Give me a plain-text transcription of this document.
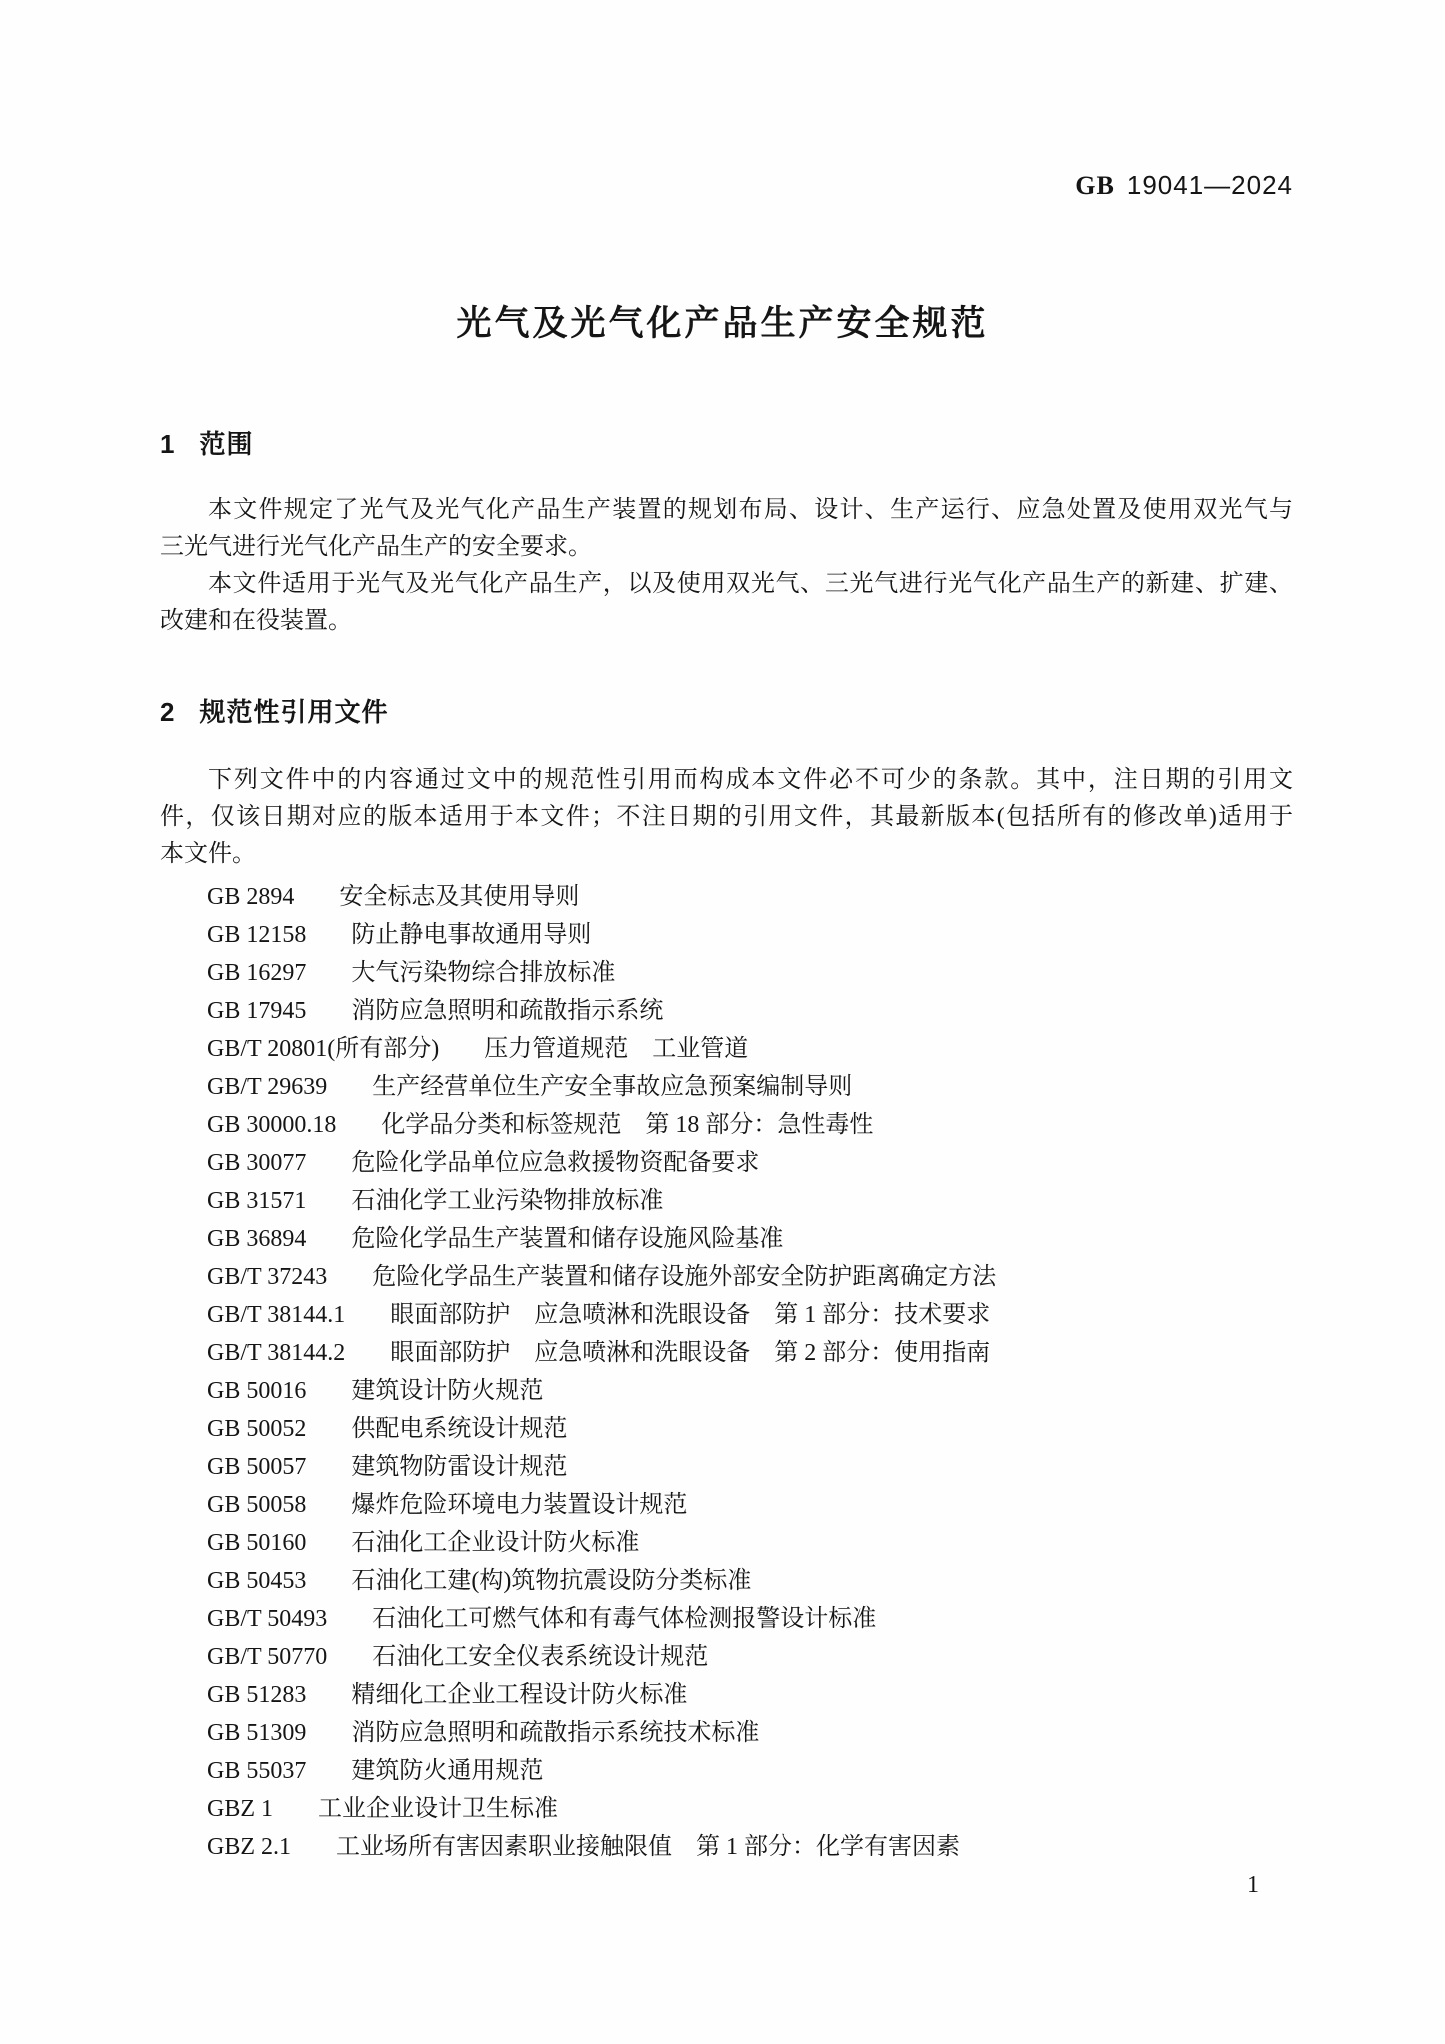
GB 19041—2024
光气及光气化产品生产安全规范
1 范围
本文件规定了光气及光气化产品生产装置的规划布局、设计、生产运行、应急处置及使用双光气与
三光气进行光气化产品生产的安全要求。
本文件适用于光气及光气化产品生产，以及使用双光气、三光气进行光气化产品生产的新建、扩建、
改建和在役装置。
2 规范性引用文件
下列文件中的内容通过文中的规范性引用而构成本文件必不可少的条款。其中，注日期的引用文
件，仅该日期对应的版本适用于本文件；不注日期的引用文件，其最新版本(包括所有的修改单)适用于
本文件。
GB 2894 安全标志及其使用导则
GB 12158 防止静电事故通用导则
GB 16297 大气污染物综合排放标准
GB 17945 消防应急照明和疏散指示系统
GB/T 20801(所有部分) 压力管道规范　工业管道
GB/T 29639 生产经营单位生产安全事故应急预案编制导则
GB 30000.18 化学品分类和标签规范　第 18 部分：急性毒性
GB 30077 危险化学品单位应急救援物资配备要求
GB 31571 石油化学工业污染物排放标准
GB 36894 危险化学品生产装置和储存设施风险基准
GB/T 37243 危险化学品生产装置和储存设施外部安全防护距离确定方法
GB/T 38144.1 眼面部防护　应急喷淋和洗眼设备　第 1 部分：技术要求
GB/T 38144.2 眼面部防护　应急喷淋和洗眼设备　第 2 部分：使用指南
GB 50016 建筑设计防火规范
GB 50052 供配电系统设计规范
GB 50057 建筑物防雷设计规范
GB 50058 爆炸危险环境电力装置设计规范
GB 50160 石油化工企业设计防火标准
GB 50453 石油化工建(构)筑物抗震设防分类标准
GB/T 50493 石油化工可燃气体和有毒气体检测报警设计标准
GB/T 50770 石油化工安全仪表系统设计规范
GB 51283 精细化工企业工程设计防火标准
GB 51309 消防应急照明和疏散指示系统技术标准
GB 55037 建筑防火通用规范
GBZ 1 工业企业设计卫生标准
GBZ 2.1 工业场所有害因素职业接触限值　第 1 部分：化学有害因素
1
